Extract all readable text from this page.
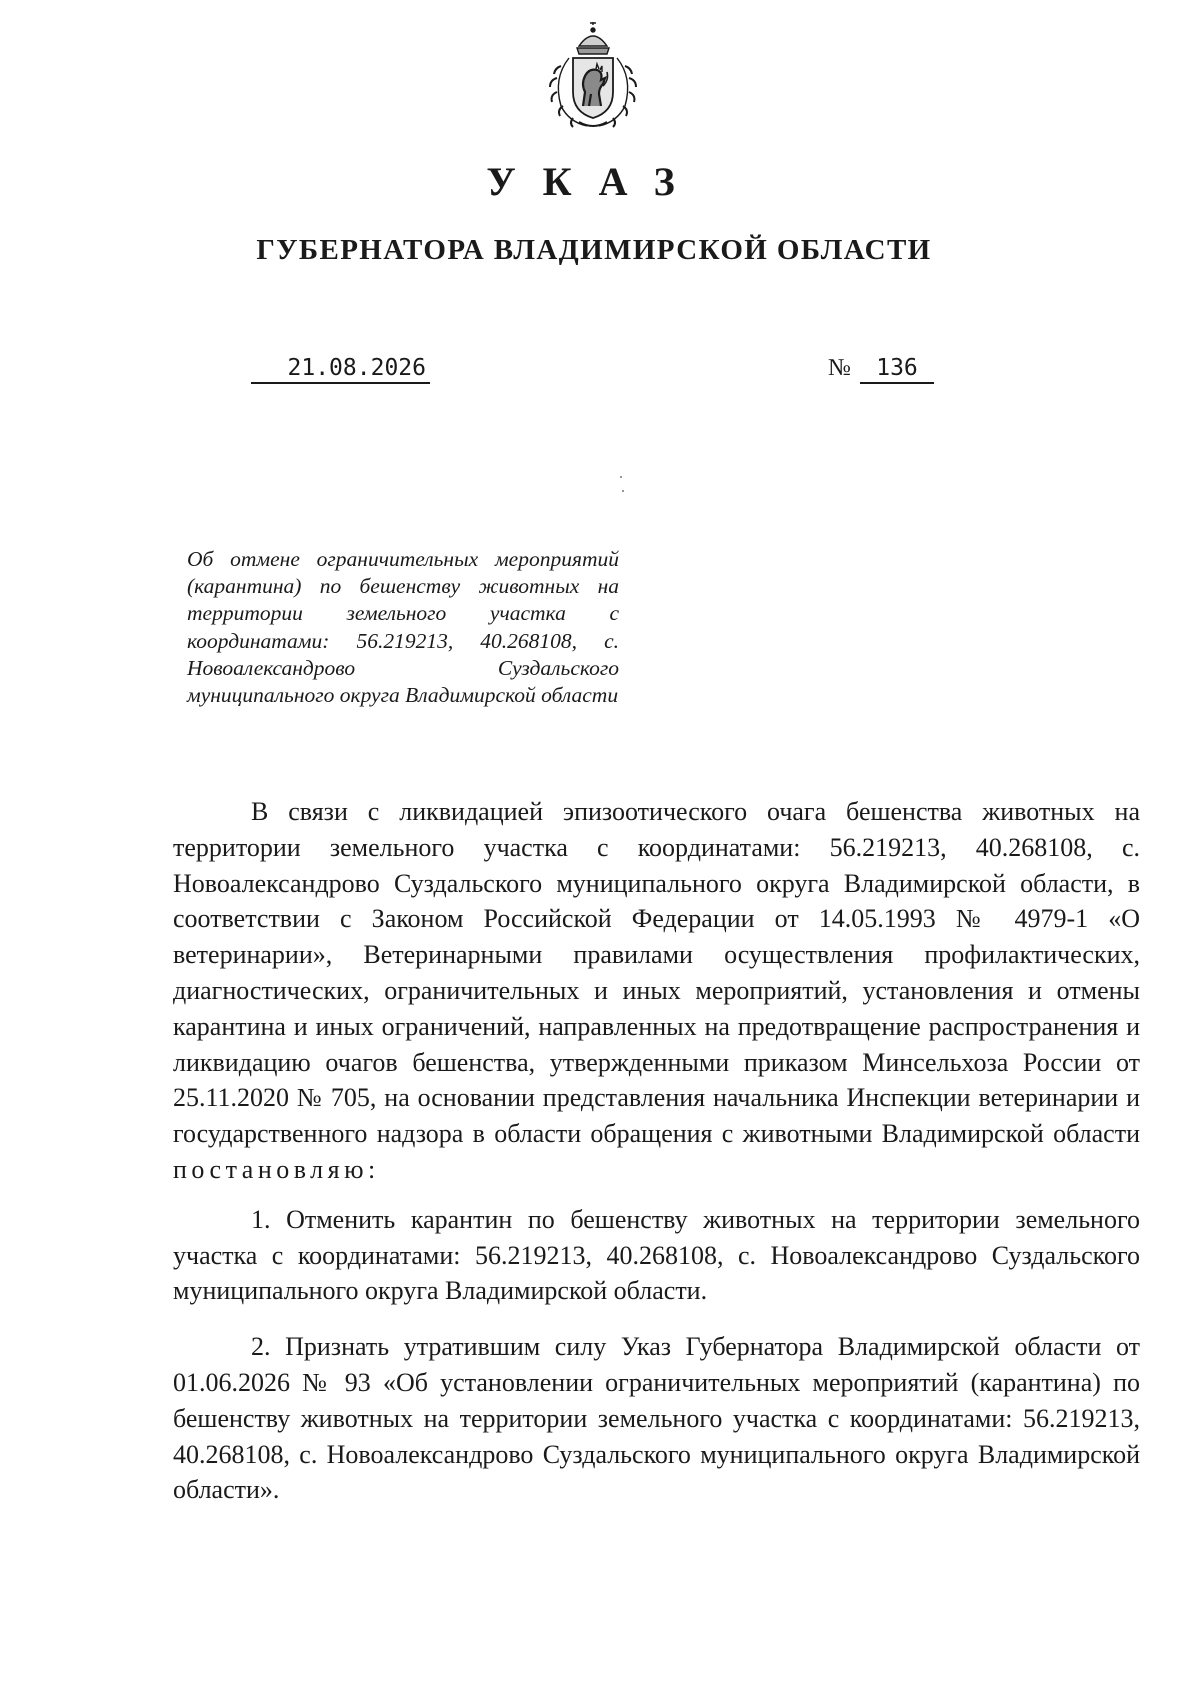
УКАЗ
ГУБЕРНАТОРА ВЛАДИМИРСКОЙ ОБЛАСТИ
21.08.2026	№	136
Об отмене ограничительных мероприятий (карантина) по бешенству животных на территории земельного участка с координатами: 56.219213, 40.268108, с. Новоалександрово Суздальского муниципального округа Владимирской области

В связи с ликвидацией эпизоотического очага бешенства животных на территории земельного участка с координатами: 56.219213, 40.268108, с. Новоалександрово Суздальского муниципального округа Владимирской области, в соответствии с Законом Российской Федерации от 14.05.1993 № 4979-1 «О ветеринарии», Ветеринарными правилами осуществления профилактических, диагностических, ограничительных и иных мероприятий, установления и отмены карантина и иных ограничений, направленных на предотвращение распространения и ликвидацию очагов бешенства, утвержденными приказом Минсельхоза России от 25.11.2020 № 705, на основании представления начальника Инспекции ветеринарии и государственного надзора в области обращения с животными Владимирской области постановляю:

1. Отменить карантин по бешенству животных на территории земельного участка с координатами: 56.219213, 40.268108, с. Новоалександрово Суздальского муниципального округа Владимирской области.

2. Признать утратившим силу Указ Губернатора Владимирской области от 01.06.2026 № 93 «Об установлении ограничительных мероприятий (карантина) по бешенству животных на территории земельного участка с координатами: 56.219213, 40.268108, с. Новоалександрово Суздальского муниципального округа Владимирской области».
